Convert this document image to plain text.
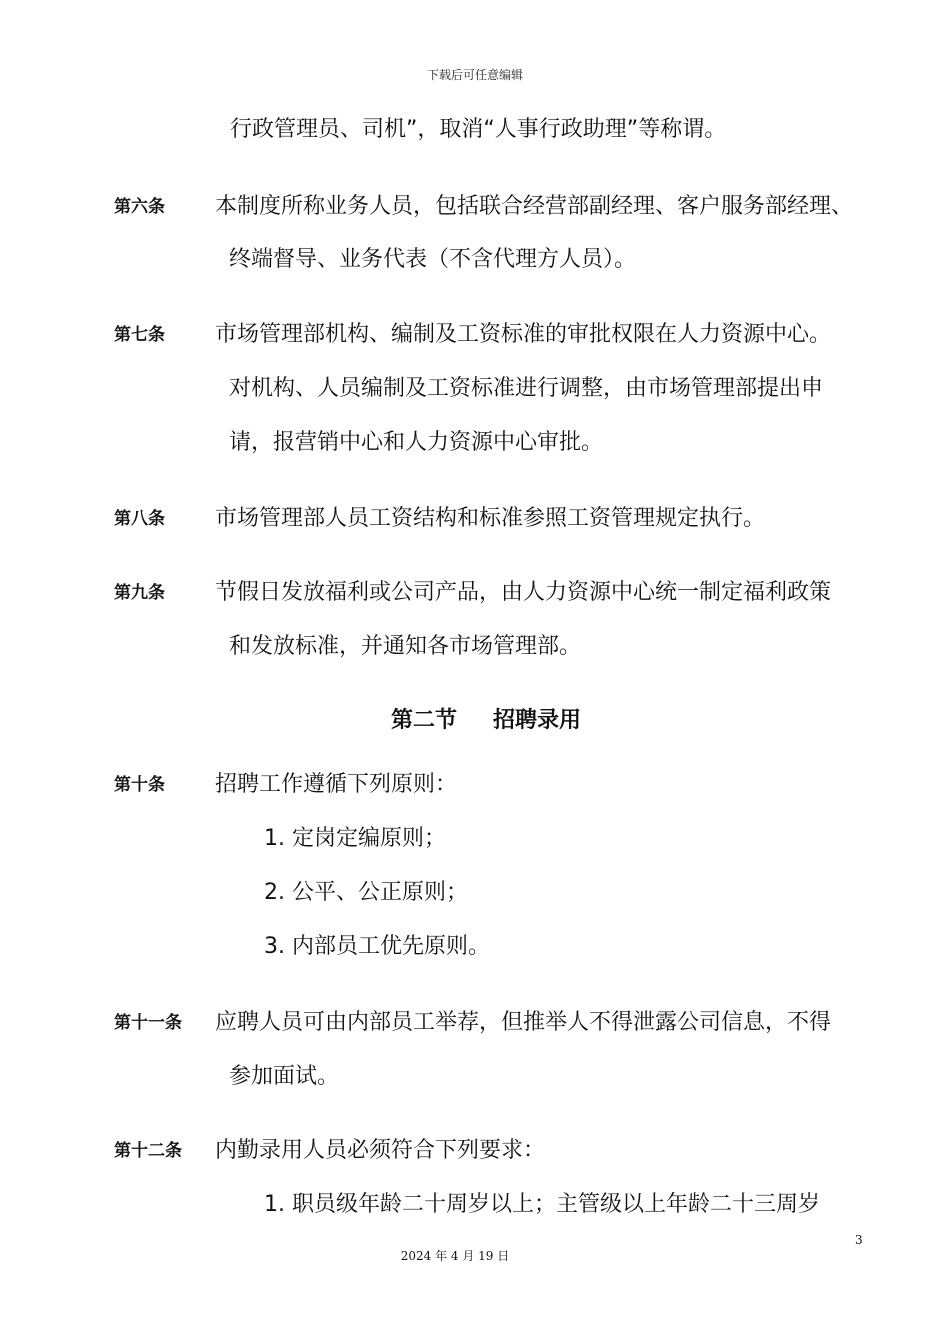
下载后可任意编辑
行政管理员、司机”，取消“人事行政助理”等称谓。
第六条 本制度所称业务人员，包括联合经营部副经理、客户服务部经理、
终端督导、业务代表（不含代理方人员）。
第七条 市场管理部机构、编制及工资标准的审批权限在人力资源中心。
对机构、人员编制及工资标准进行调整，由市场管理部提出申
请，报营销中心和人力资源中心审批。
第八条 市场管理部人员工资结构和标准参照工资管理规定执行。
第九条 节假日发放福利或公司产品，由人力资源中心统一制定福利政策
和发放标准，并通知各市场管理部。
第二节 招聘录用
第十条 招聘工作遵循下列原则：
1. 定岗定编原则；
2. 公平、公正原则；
3. 内部员工优先原则。
第十一条 应聘人员可由内部员工举荐，但推举人不得泄露公司信息，不得
参加面试。
第十二条 内勤录用人员必须符合下列要求：
1. 职员级年龄二十周岁以上；主管级以上年龄二十三周岁
3
2024 年 4 月 19 日
